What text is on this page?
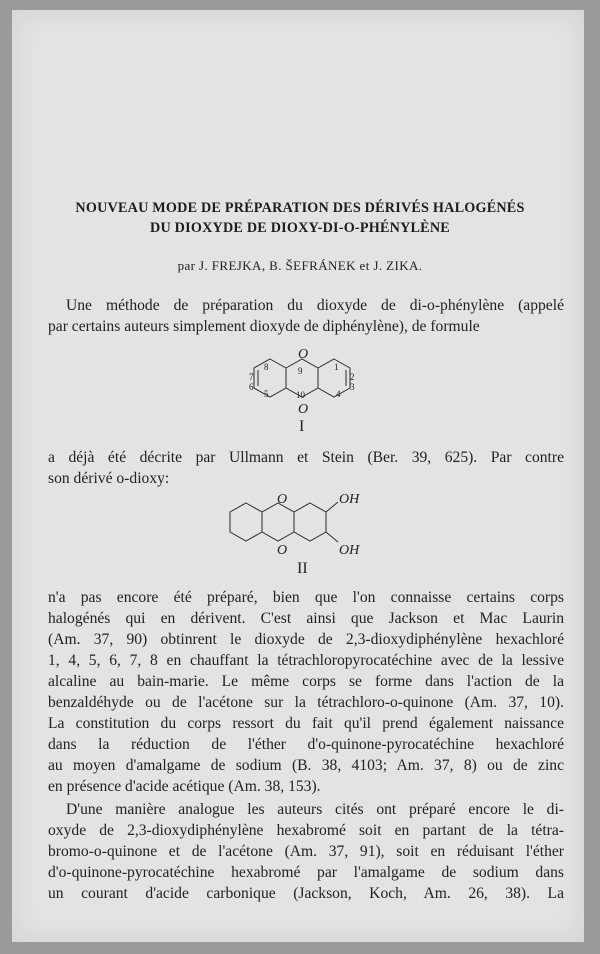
NOUVEAU MODE DE PRÉPARATION DES DÉRIVÉS HALOGÉNÉS
DU DIOXYDE DE DIOXY-DI-O-PHÉNYLÈNE
par J. FREJKA, B. ŠEFRÁNEK et J. ZIKA.

Une méthode de préparation du dioxyde de di-o-phénylène (appelé

par certains auteurs simplement dioxyde de diphénylène), de formule

O
O
9
10
8
7
6
5
1
2
3
4
I

a déjà été décrite par Ullmann et Stein (Ber. 39, 625). Par contre

son dérivé o-dioxy:

O
O
OH
OH
II

n'a pas encore été préparé, bien que l'on connaisse certains corps

halogénés qui en dérivent. C'est ainsi que Jackson et Mac Laurin

(Am. 37, 90) obtinrent le dioxyde de 2,3-dioxydiphénylène hexachloré

1, 4, 5, 6, 7, 8 en chauffant la tétrachloropyrocatéchine avec de la lessive

alcaline au bain-marie. Le même corps se forme dans l'action de la

benzaldéhyde ou de l'acétone sur la tétrachloro-o-quinone (Am. 37, 10).

La constitution du corps ressort du fait qu'il prend également naissance

dans la réduction de l'éther d'o-quinone-pyrocatéchine hexachloré

au moyen d'amalgame de sodium (B. 38, 4103; Am. 37, 8) ou de zinc

en présence d'acide acétique (Am. 38, 153).

D'une manière analogue les auteurs cités ont préparé encore le di-

oxyde de 2,3-dioxydiphénylène hexabromé soit en partant de la tétra-

bromo-o-quinone et de l'acétone (Am. 37, 91), soit en réduisant l'éther

d'o-quinone-pyrocatéchine hexabromé par l'amalgame de sodium dans

un courant d'acide carbonique (Jackson, Koch, Am. 26, 38). La
